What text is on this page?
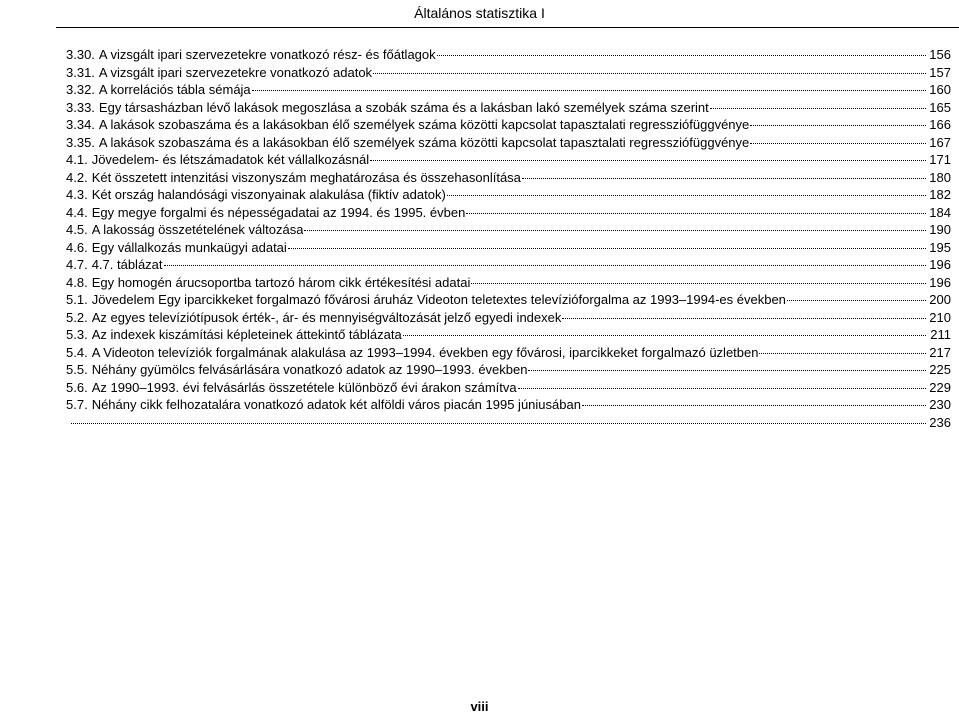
Általános statisztika I
3.30. A vizsgált ipari szervezetekre vonatkozó rész- és főátlagok	156
3.31. A vizsgált ipari szervezetekre vonatkozó adatok	157
3.32. A korrelációs tábla sémája	160
3.33. Egy társasházban lévő lakások megoszlása a szobák száma és a lakásban lakó személyek száma szerint	165
3.34. A lakások szobaszáma és a lakásokban élő személyek száma közötti kapcsolat tapasztalati regressziófüggvénye	166
3.35. A lakások szobaszáma és a lakásokban élő személyek száma közötti kapcsolat tapasztalati regressziófüggvénye	167
4.1. Jövedelem- és létszámadatok két vállalkozásnál	171
4.2. Két összetett intenzitási viszonyszám meghatározása és összehasonlítása	180
4.3. Két ország halandósági viszonyainak alakulása (fiktív adatok)	182
4.4. Egy megye forgalmi és népességadatai az 1994. és 1995. évben	184
4.5. A lakosság összetételének változása	190
4.6. Egy vállalkozás munkaügyi adatai	195
4.7. 4.7. táblázat	196
4.8. Egy homogén árucsoportba tartozó három cikk értékesítési adatai	196
5.1. Jövedelem Egy iparcikkeket forgalmazó fővárosi áruház Videoton teletextes televízióforgalma az 1993–1994-es években	200
5.2. Az egyes televíziótípusok érték-, ár- és mennyiségváltozását jelző egyedi indexek	210
5.3. Az indexek kiszámítási képleteinek áttekintő táblázata	211
5.4. A Videoton televíziók forgalmának alakulása az 1993–1994. években egy fővárosi, iparcikkeket forgalmazó üzletben	217
5.5. Néhány gyümölcs felvásárlására vonatkozó adatok az 1990–1993. években	225
5.6. Az 1990–1993. évi felvásárlás összetétele különböző évi árakon számítva	229
5.7. Néhány cikk felhozatalára vonatkozó adatok két alföldi város piacán 1995 júniusában	230
236
viii
